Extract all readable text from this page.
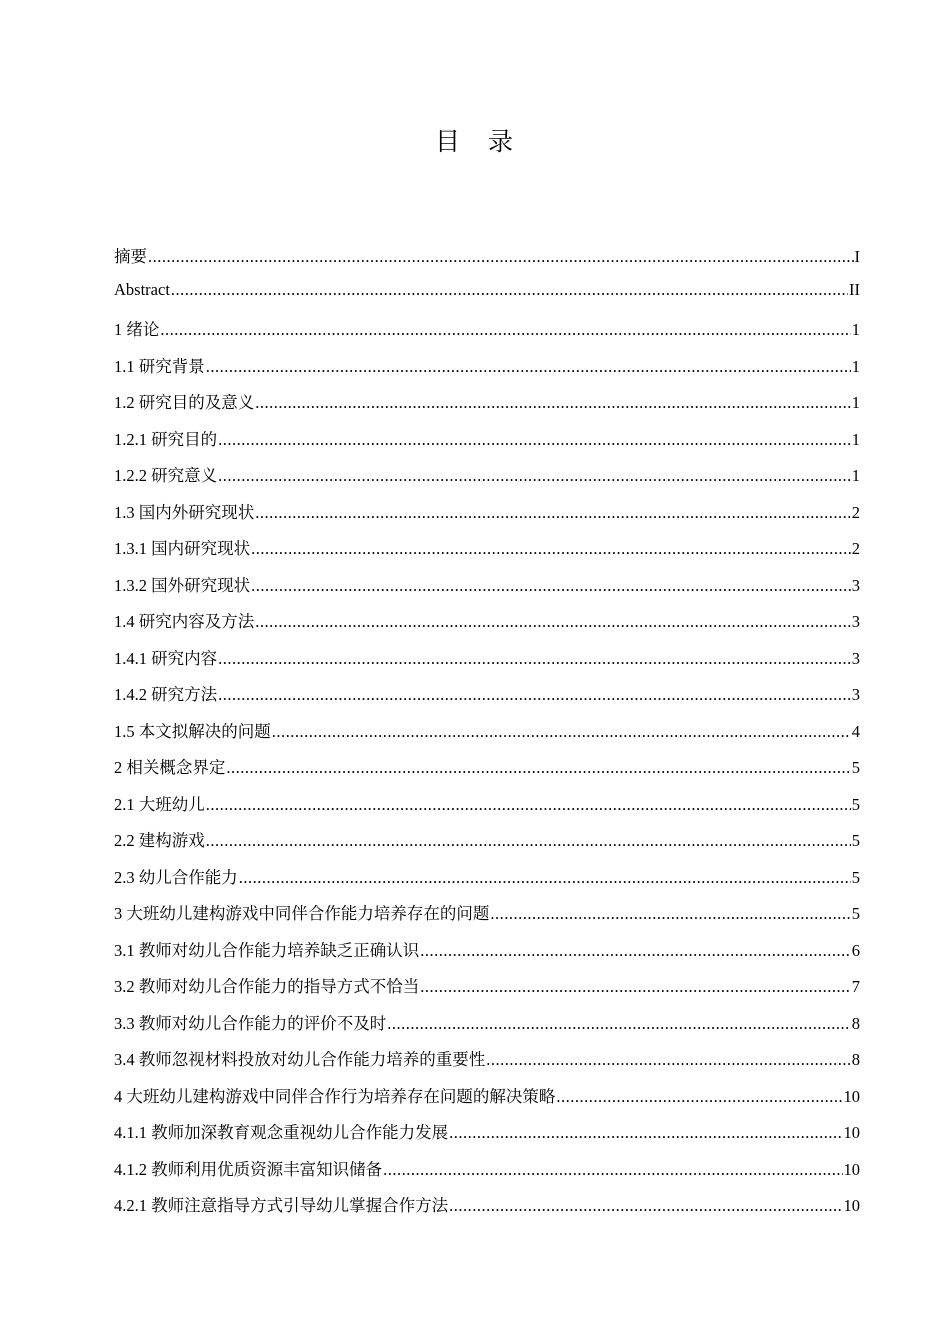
目录
摘要 .....	I
Abstract .....	II
1 绪论 .....	1
1.1 研究背景 .....	1
1.2 研究目的及意义 .....	1
1.2.1 研究目的 .....	1
1.2.2 研究意义 .....	1
1.3 国内外研究现状 .....	2
1.3.1 国内研究现状 .....	2
1.3.2 国外研究现状 .....	3
1.4 研究内容及方法 .....	3
1.4.1 研究内容 .....	3
1.4.2 研究方法 .....	3
1.5 本文拟解决的问题 .....	4
2 相关概念界定 .....	5
2.1 大班幼儿 .....	5
2.2 建构游戏 .....	5
2.3 幼儿合作能力 .....	5
3 大班幼儿建构游戏中同伴合作能力培养存在的问题 .....	5
3.1 教师对幼儿合作能力培养缺乏正确认识 .....	6
3.2 教师对幼儿合作能力的指导方式不恰当 .....	7
3.3 教师对幼儿合作能力的评价不及时 .....	8
3.4 教师忽视材料投放对幼儿合作能力培养的重要性 .....	8
4 大班幼儿建构游戏中同伴合作行为培养存在问题的解决策略 .....	10
4.1.1 教师加深教育观念重视幼儿合作能力发展 .....	10
4.1.2 教师利用优质资源丰富知识储备 .....	10
4.2.1 教师注意指导方式引导幼儿掌握合作方法 .....	10
